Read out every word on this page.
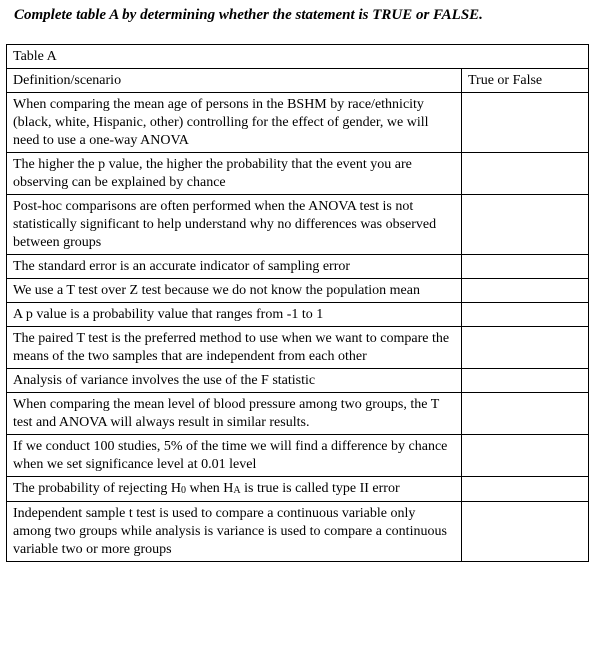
Complete table A by determining whether the statement is TRUE or FALSE.
Table A	
Definition/scenario	True or False
When comparing the mean age of persons in the BSHM by race/ethnicity (black, white, Hispanic, other) controlling for the effect of gender, we will need to use a one-way ANOVA	
The higher the p value, the higher the probability that the event you are observing can be explained by chance	
Post-hoc comparisons are often performed when the ANOVA test is not statistically significant to help understand why no differences was observed between groups	
The standard error is an accurate indicator of sampling error	
We use a T test over Z test because we do not know the population mean	
A p value is a probability value that ranges from -1 to 1	
The paired T test is the preferred method to use when we want to compare the means of the two samples that are independent from each other	
Analysis of variance involves the use of the F statistic	
When comparing the mean level of blood pressure among two groups, the T test and ANOVA will always result in similar results.	
If we conduct 100 studies, 5% of the time we will find a difference by chance when we set significance level at 0.01 level	
The probability of rejecting $H_0$ when $H_A$ is true is called type II error	
Independent sample t test is used to compare a continuous variable only among two groups while analysis is variance is used to compare a continuous variable two or more groups	
